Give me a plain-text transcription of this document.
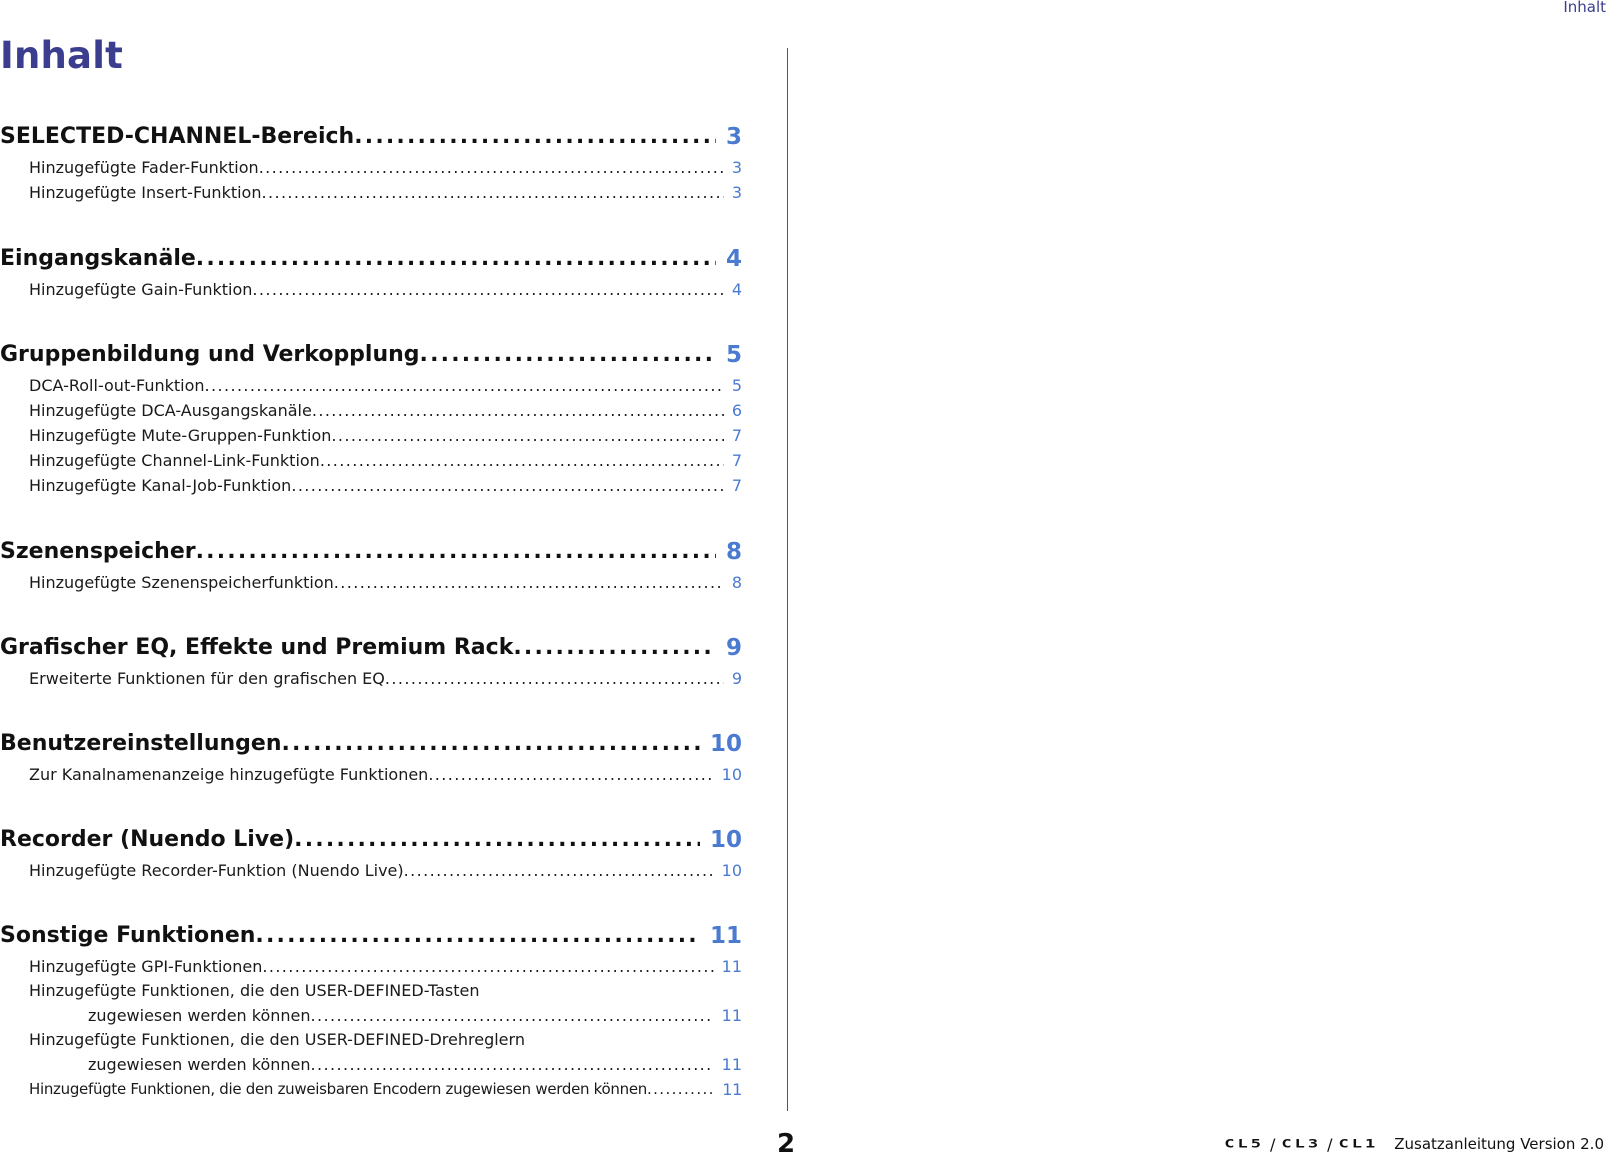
Inhalt
Inhalt
SELECTED-CHANNEL-Bereich .....	3
Hinzugefügte Fader-Funktion .....	3
Hinzugefügte Insert-Funktion .....	3
Eingangskanäle .....	4
Hinzugefügte Gain-Funktion .....	4
Gruppenbildung und Verkopplung .....	5
DCA-Roll-out-Funktion .....	5
Hinzugefügte DCA-Ausgangskanäle .....	6
Hinzugefügte Mute-Gruppen-Funktion .....	7
Hinzugefügte Channel-Link-Funktion .....	7
Hinzugefügte Kanal-Job-Funktion .....	7
Szenenspeicher .....	8
Hinzugefügte Szenenspeicherfunktion .....	8
Grafischer EQ, Effekte und Premium Rack .....	9
Erweiterte Funktionen für den grafischen EQ .....	9
Benutzereinstellungen .....	10
Zur Kanalnamenanzeige hinzugefügte Funktionen .....	10
Recorder (Nuendo Live) .....	10
Hinzugefügte Recorder-Funktion (Nuendo Live) .....	10
Sonstige Funktionen .....	11
Hinzugefügte GPI-Funktionen .....	11
Hinzugefügte Funktionen, die den USER-DEFINED-Tasten
zugewiesen werden können .....	11
Hinzugefügte Funktionen, die den USER-DEFINED-Drehreglern
zugewiesen werden können .....	11
Hinzugefügte Funktionen, die den zuweisbaren Encodern zugewiesen werden können .....	11
2	CL5 / CL3 / CL1 Zusatzanleitung Version 2.0
